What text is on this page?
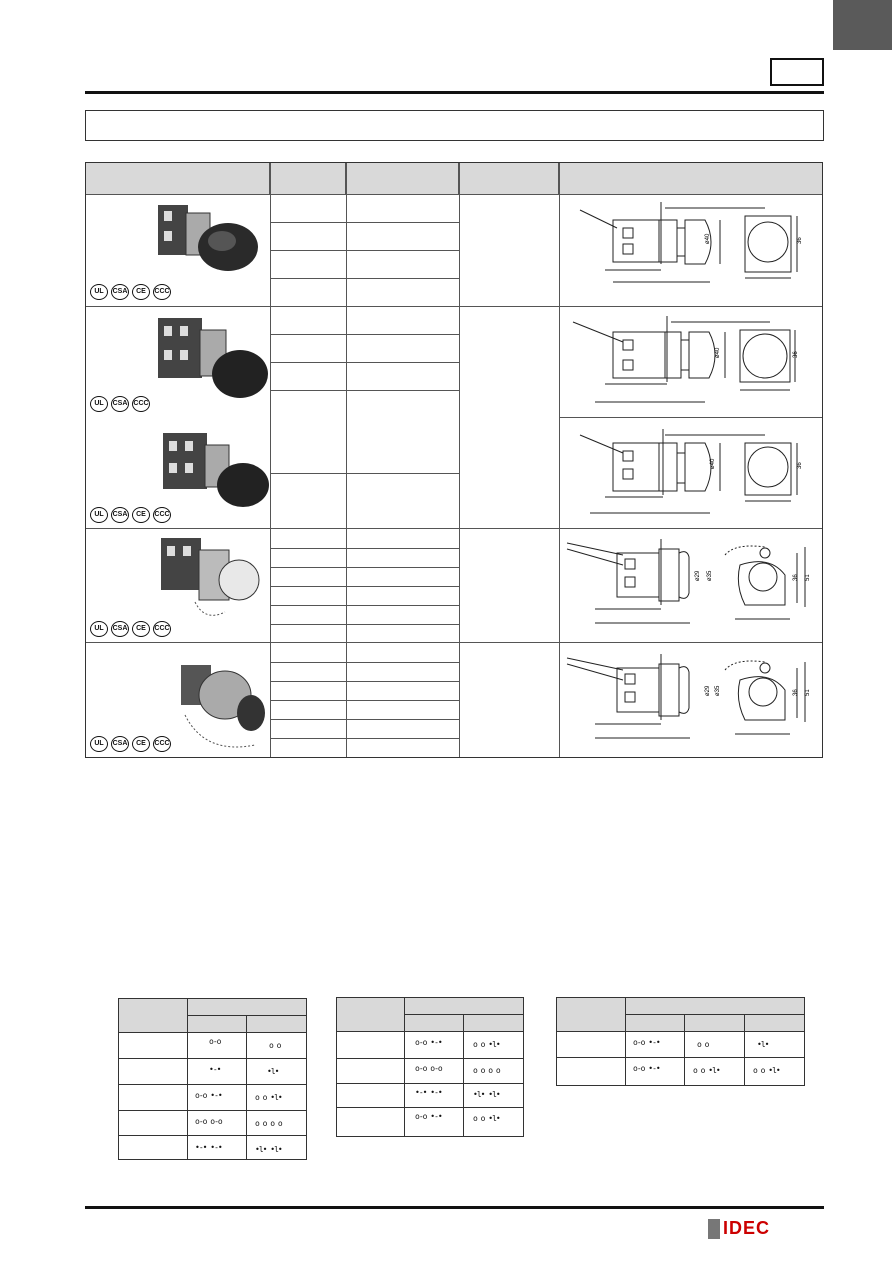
UL	CSA	CE	CCC
UL	CSA CCC
UL	CSA	CE	CCC
UL	CSA	CE	CCC
UL	CSA	CE	CCC
ø40	36
ø40	36
ø40	36
ø29 ø35	36 51
ø29 ø35	36 51
o-o	o o
•-•	•l•
o-o •-•	o o •l•
o-o o-o	o o o o
•-• •-•	•l• •l•
o-o •-•	o o •l•
o-o o-o	o o o o
•-• •-•	•l• •l•
o-o •-•	o o •l•
o-o •-•	o o	•l•
o-o •-•	o o •l•	o o •l•
IDEC
